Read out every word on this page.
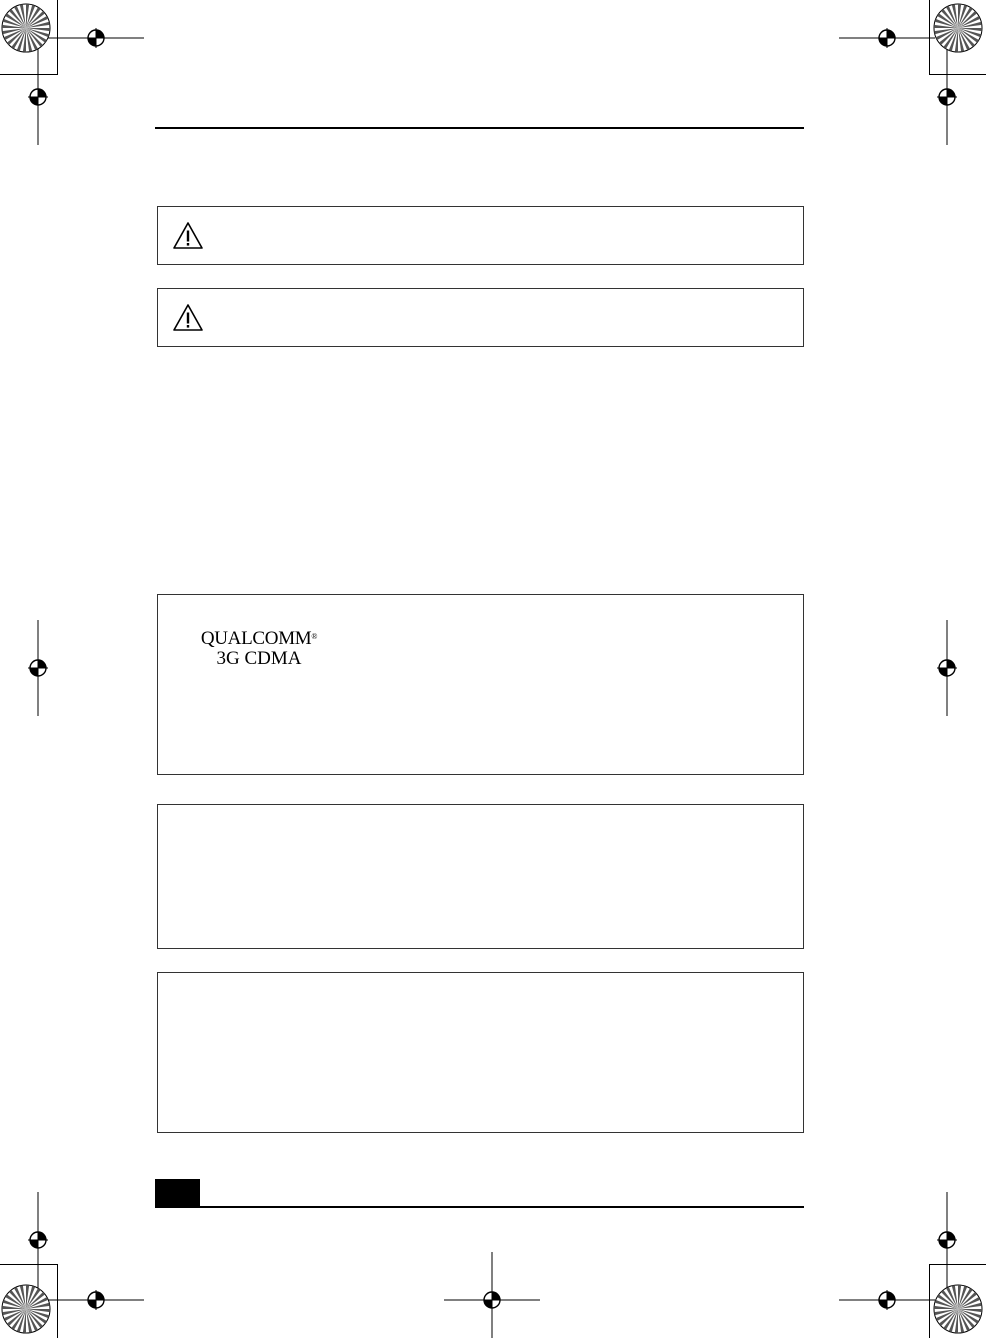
QUALCOMM®
3G CDMA
